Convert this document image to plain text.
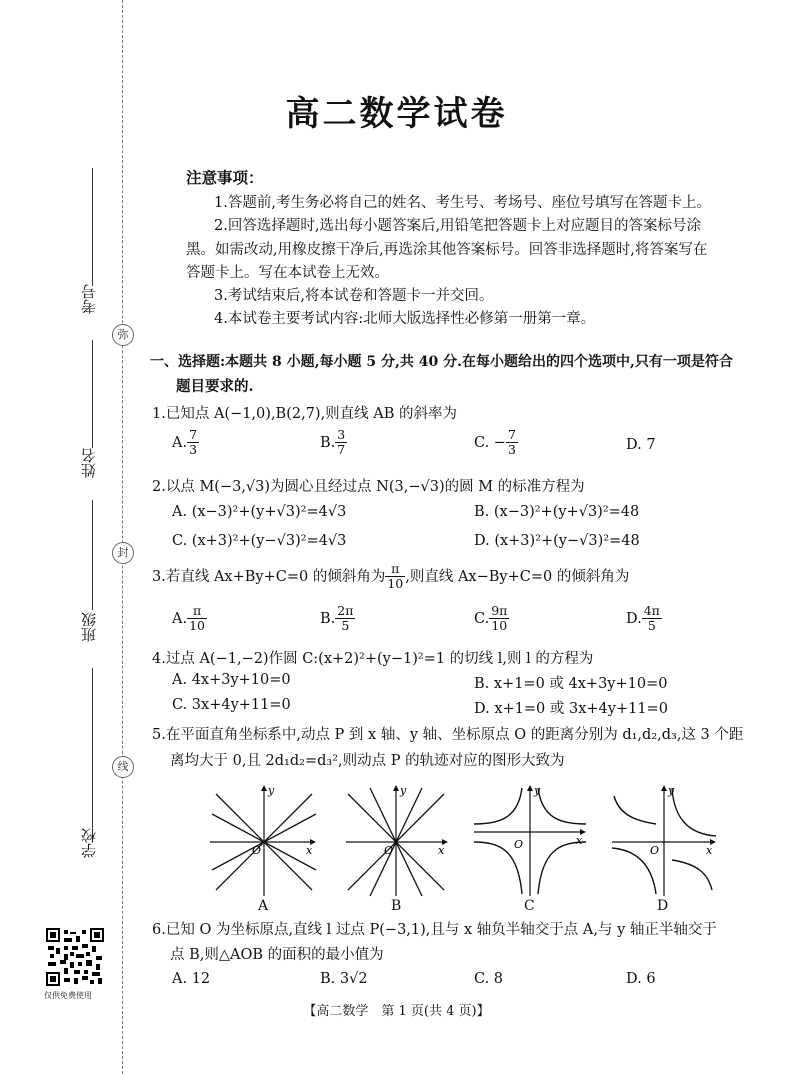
弥
封
线
考号
姓名
班级
学校
仅供免费使用
高二数学试卷
注意事项：
1.答题前,考生务必将自己的姓名、考生号、考场号、座位号填写在答题卡上。
2.回答选择题时,选出每小题答案后,用铅笔把答题卡上对应题目的答案标号涂
黑。如需改动,用橡皮擦干净后,再选涂其他答案标号。回答非选择题时,将答案写在
答题卡上。写在本试卷上无效。
3.考试结束后,将本试卷和答题卡一并交回。
4.本试卷主要考试内容:北师大版选择性必修第一册第一章。
一、选择题:本题共 8 小题,每小题 5 分,共 40 分.在每小题给出的四个选项中,只有一项是符合
题目要求的.
1.已知点 A(−1,0),B(2,7),则直线 AB 的斜率为
A. $\frac{7}{3}$	B. $\frac{3}{7}$	C. − $\frac{7}{3}$	D. 7
2.以点 M(−3,√3)为圆心且经过点 N(3,−√3)的圆 M 的标准方程为
A. (x−3)²+(y+√3)²=4√3	B. (x−3)²+(y+√3)²=48
C. (x+3)²+(y−√3)²=4√3	D. (x+3)²+(y−√3)²=48
3.若直线 Ax+By+C=0 的倾斜角为 $\frac{\pi}{10}$ ,则直线 Ax−By+C=0 的倾斜角为
A. $\frac{\pi}{10}$	B. $\frac{2\pi}{5}$	C. $\frac{9\pi}{10}$	D. $\frac{4\pi}{5}$
4.过点 A(−1,−2)作圆 C:(x+2)²+(y−1)²=1 的切线 l,则 l 的方程为
A. 4x+3y+10=0	B. x+1=0 或 4x+3y+10=0
C. 3x+4y+11=0	D. x+1=0 或 3x+4y+11=0
5.在平面直角坐标系中,动点 P 到 x 轴、y 轴、坐标原点 O 的距离分别为 d₁,d₂,d₃,这 3 个距
离均大于 0,且 2d₁d₂=d₃²,则动点 P 的轨迹对应的图形大致为
y
x
O
A
y
x
O
B
y
x
O
C
y
x
O
D
6.已知 O 为坐标原点,直线 l 过点 P(−3,1),且与 x 轴负半轴交于点 A,与 y 轴正半轴交于
点 B,则△AOB 的面积的最小值为
A. 12	B. 3√2	C. 8	D. 6
【高二数学　第 1 页(共 4 页)】
